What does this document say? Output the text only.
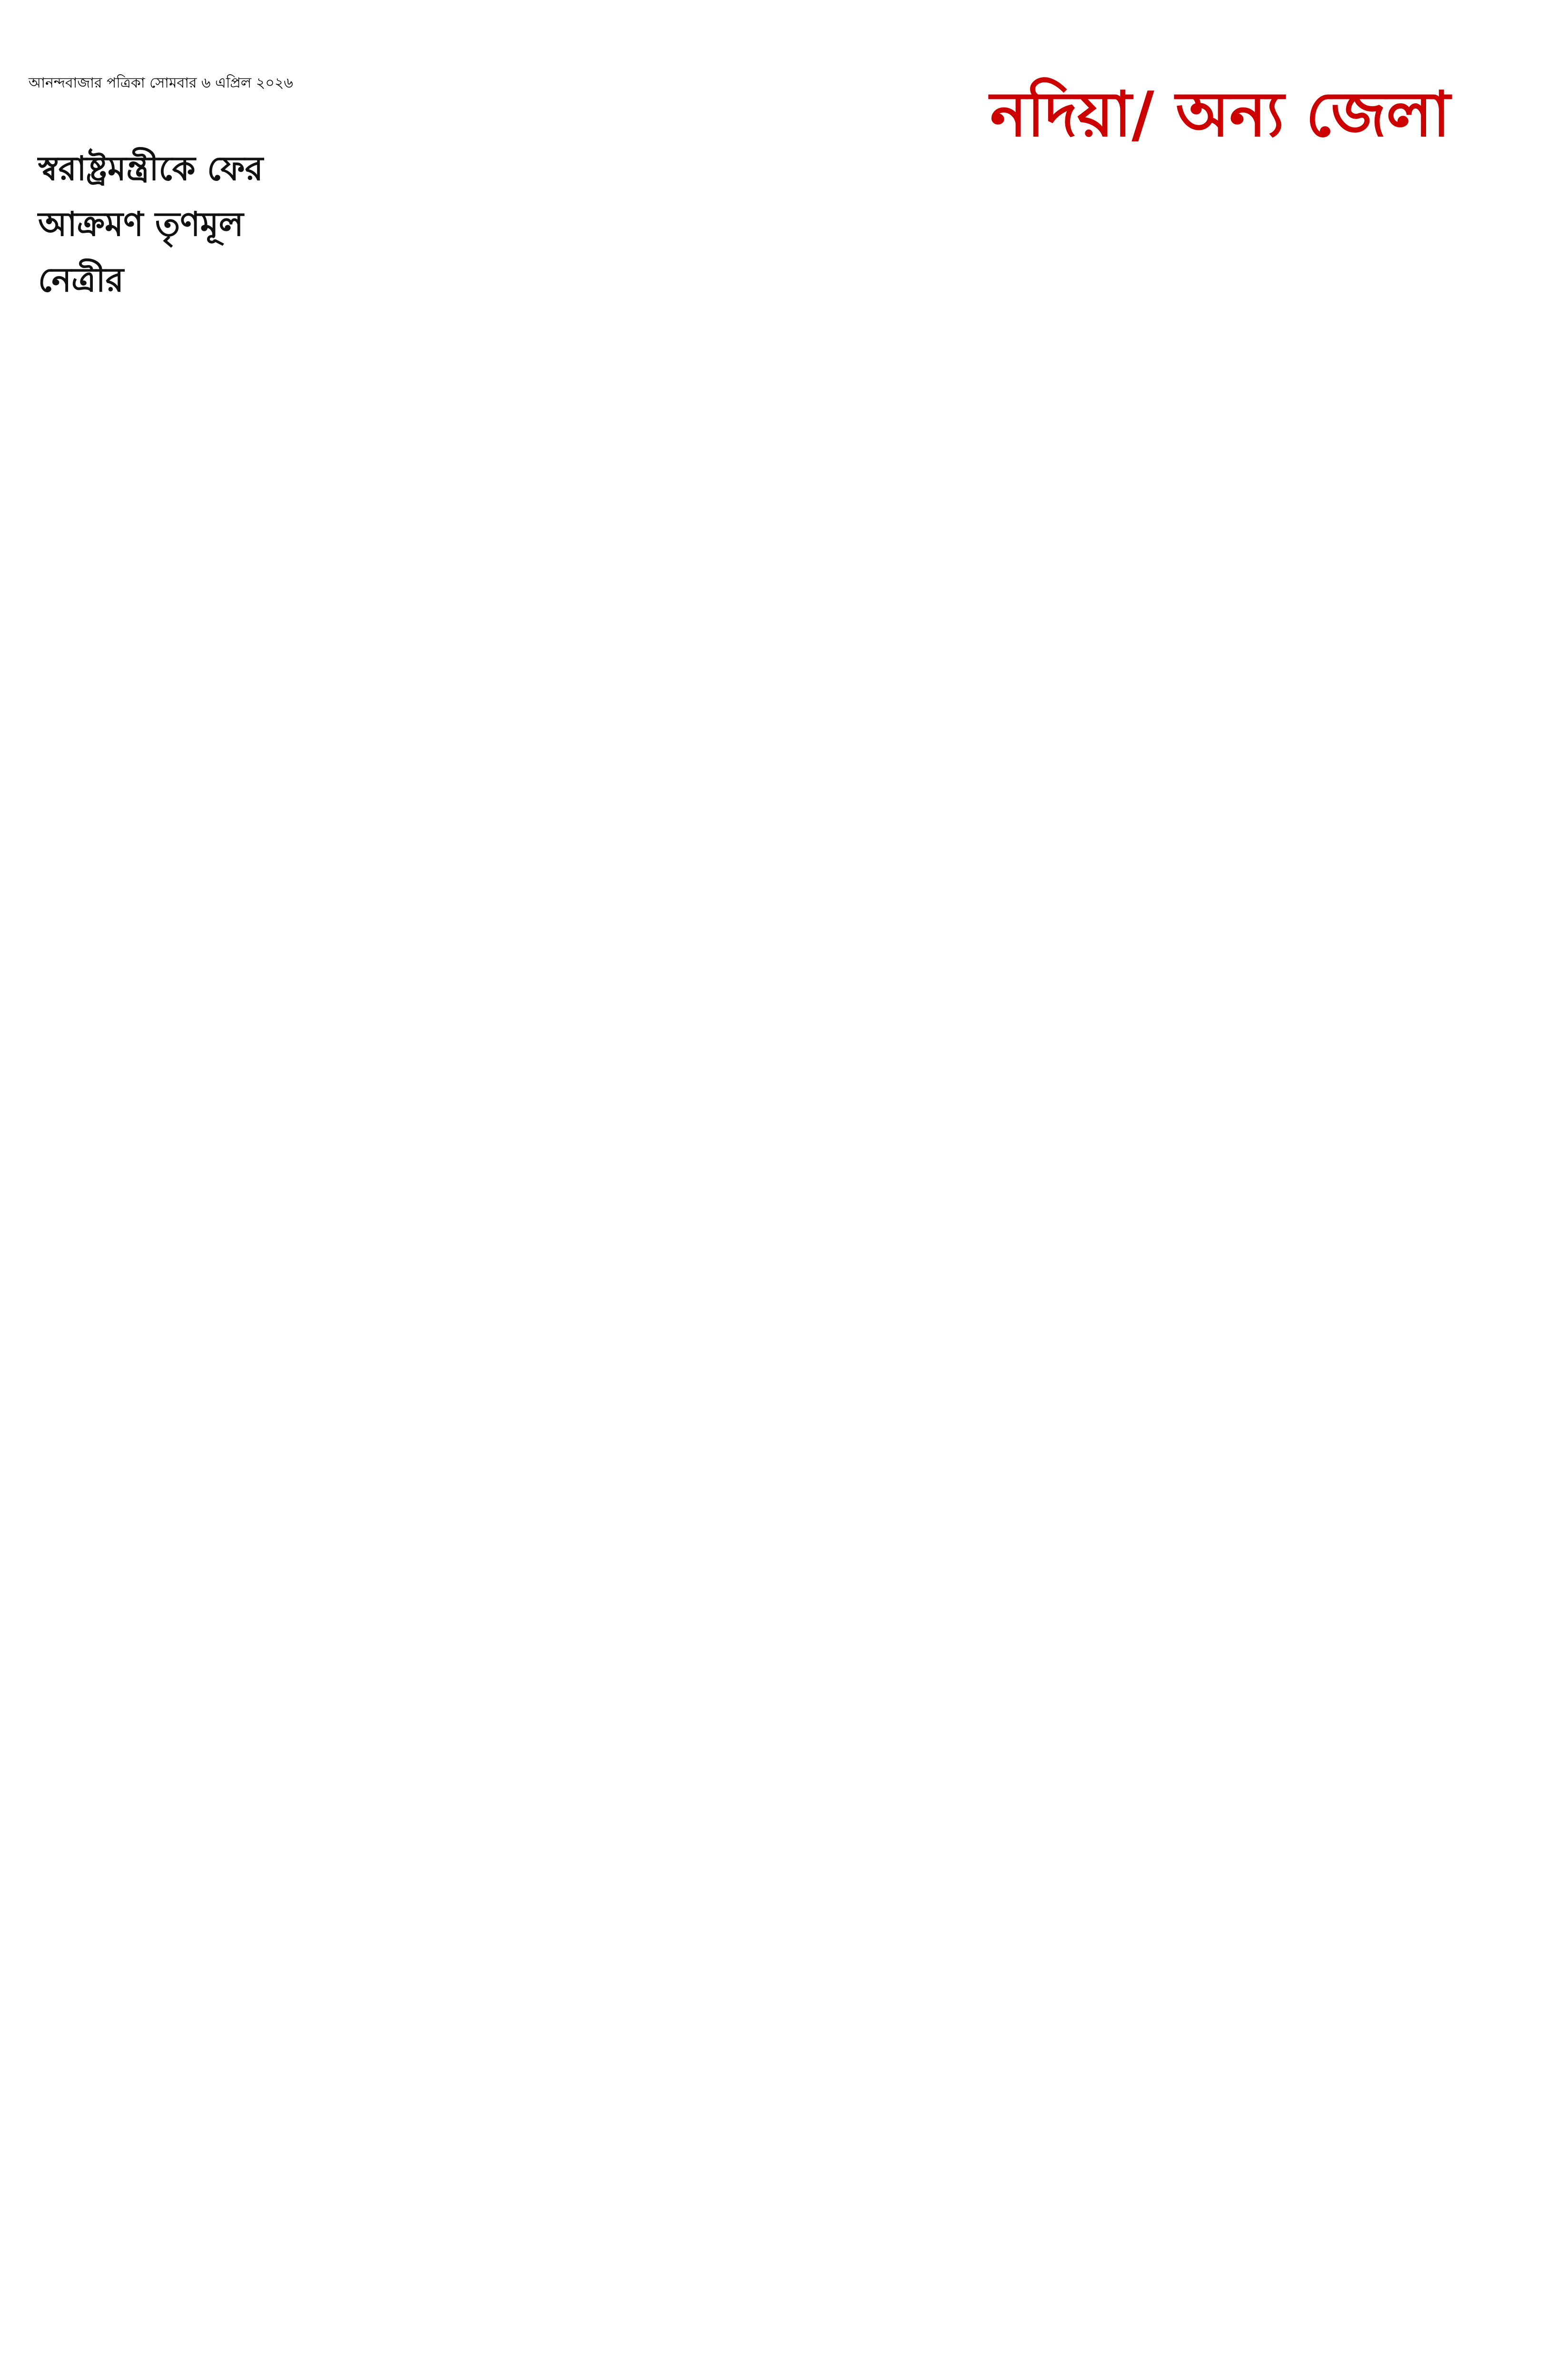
আনন্দবাজার পত্রিকা সোমবার ৬ এপ্রিল ২০২৬	নদিয়া/ অন্য জেলা
স্বরাষ্ট্রমন্ত্রীকে ফের আক্রমণ তৃণমূল নেত্রীর
